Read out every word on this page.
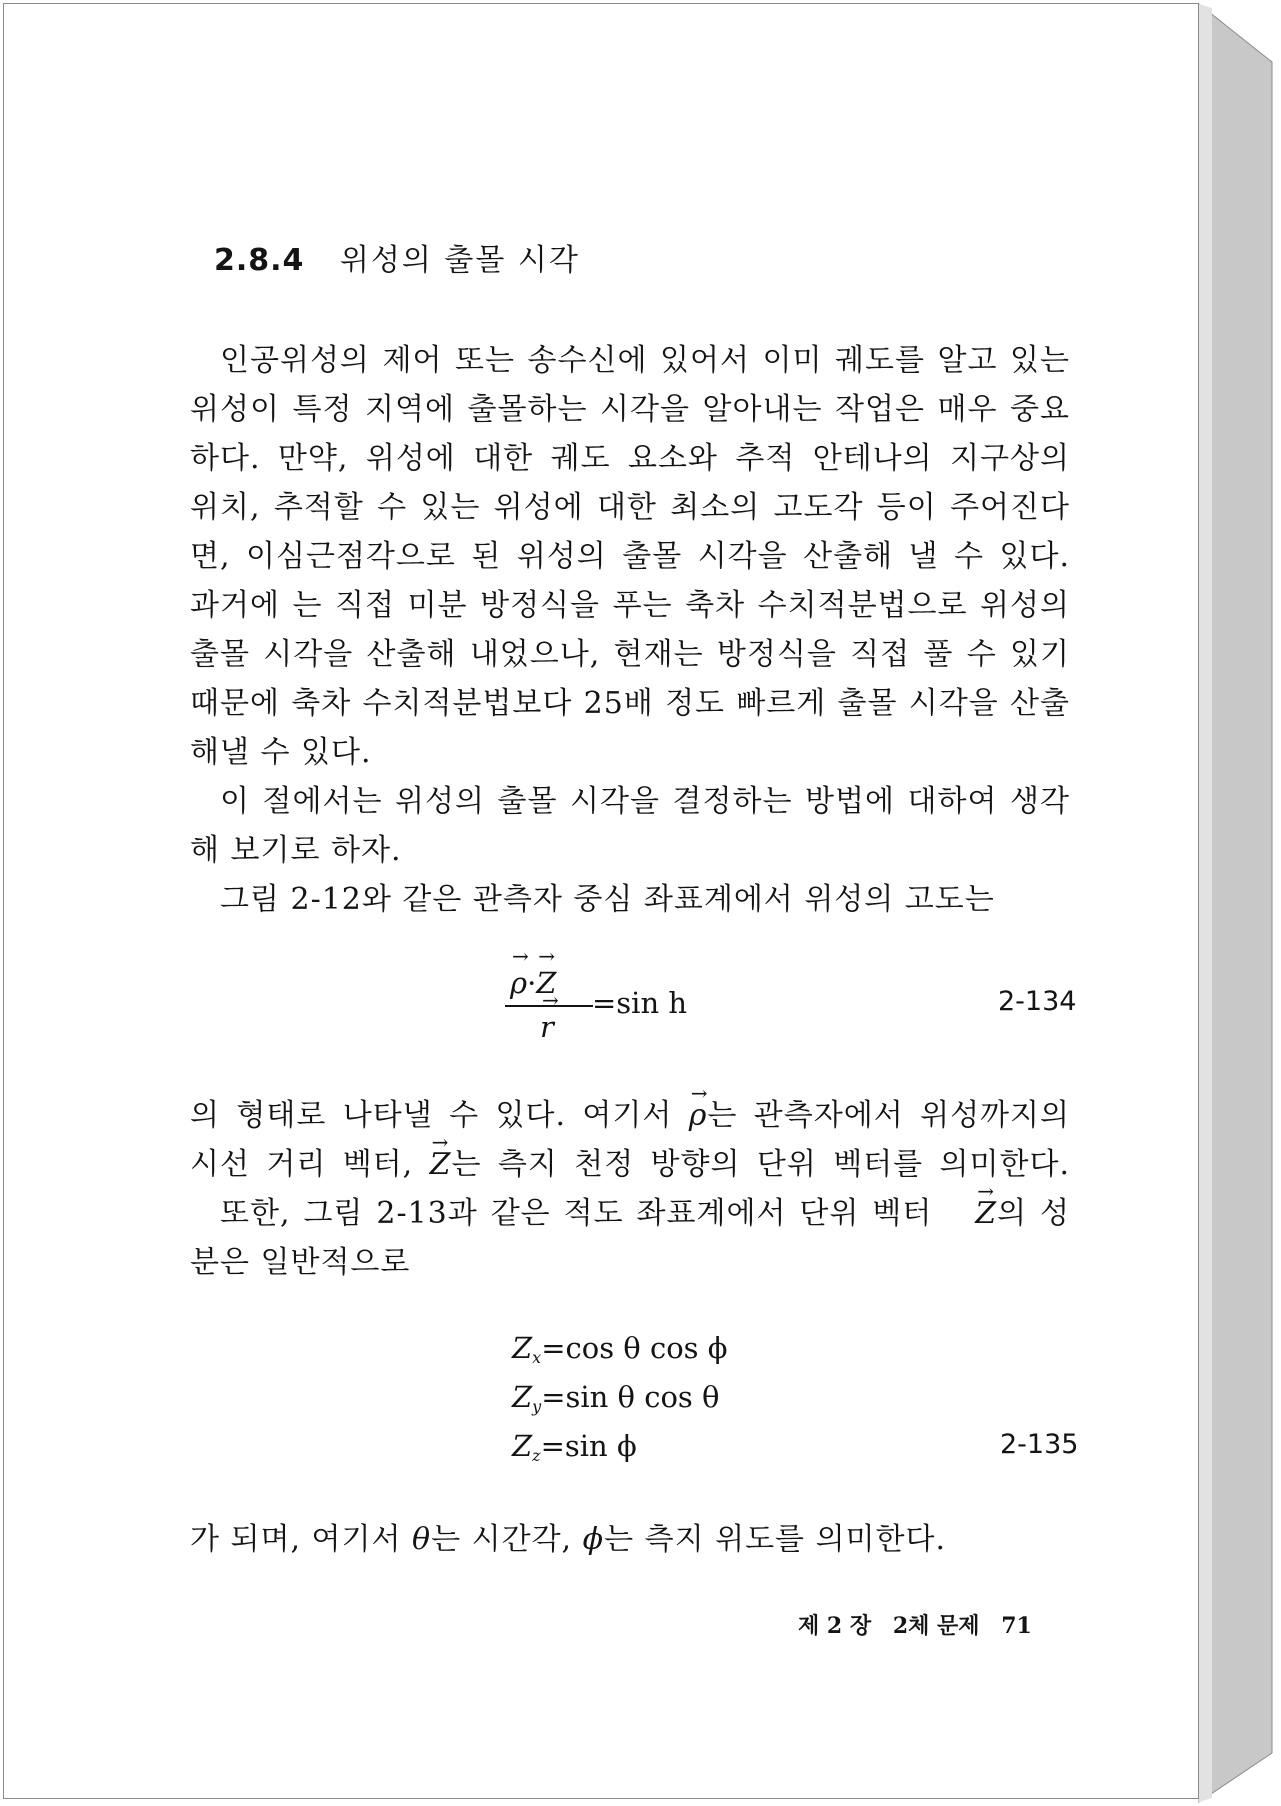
2.8.4 위성의 출몰 시각

인공위성의 제어 또는 송수신에 있어서 이미 궤도를 알고 있는

위성이 특정 지역에 출몰하는 시각을 알아내는 작업은 매우 중요

하다. 만약, 위성에 대한 궤도 요소와 추적 안테나의 지구상의

위치, 추적할 수 있는 위성에 대한 최소의 고도각 등이 주어진다

면, 이심근점각으로 된 위성의 출몰 시각을 산출해 낼 수 있다.

과거에 는 직접 미분 방정식을 푸는 축차 수치적분법으로 위성의

출몰 시각을 산출해 내었으나, 현재는 방정식을 직접 풀 수 있기

때문에 축차 수치적분법보다 25배 정도 빠르게 출몰 시각을 산출

해낼 수 있다.

이 절에서는 위성의 출몰 시각을 결정하는 방법에 대하여 생각

해 보기로 하자.

그림 2-12와 같은 관측자 중심 좌표계에서 위성의 고도는

→ ρ·→ Z
→ r
=sin h	2-134

의 형태로 나타낼 수 있다. 여기서 → ρ는 관측자에서 위성까지의

시선 거리 벡터, → Z는 측지 천정 방향의 단위 벡터를 의미한다.

또한, 그림 2-13과 같은 적도 좌표계에서 단위 벡터 → Z의 성

분은 일반적으로

$Z_x=\cos$ θ cos ϕ
$Z_y=\sin$ θ cos θ
$Z_z=\sin$ ϕ	2-135

가 되며, 여기서 θ는 시간각, ϕ는 측지 위도를 의미한다.

제 2 장 2체 문제 71
